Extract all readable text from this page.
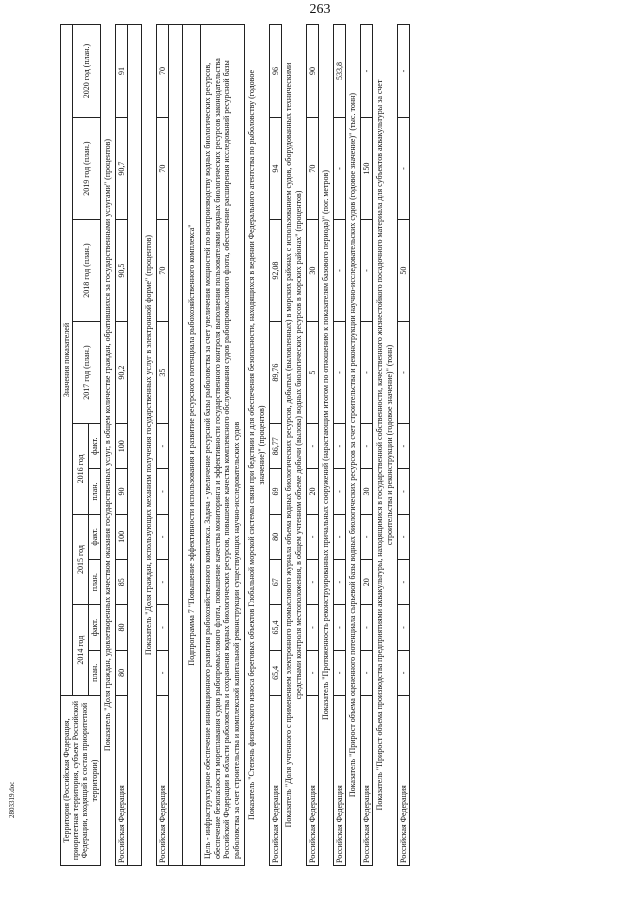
263
2803319.doc	Территория (Российская Федерация, приоритетная территория, субъект Российской Федерации, входящий в состав приоритетной территории)	Значения показателей									
	2014 год		2015 год		2016 год		2017 год (план.)	2018 год (план.)	2019 год (план.)	2020 год (план.)
	план.	факт.	план.	факт.	план.	факт.				
Показатель "Доля граждан, удовлетворенных качеством оказания государственных услуг, в общем количестве граждан, обратившихся за государственными услугами" (процентов)										
Российская Федерация	80	80	85	100	90	100	90,2	90,5	90,7	91

Показатель "Доля граждан, использующих механизм получения государственных услуг в электронной форме" (процентов)										
Российская Федерация	-	-	-	-	-	-	35	70	70	70

Подпрограмма 7 "Повышение эффективности использования и развитие ресурсного потенциала рыбохозяйственного комплекса"										
Цель - инфраструктурное обеспечение инновационного развития рыбохозяйственного комплекса. Задача - увеличение ресурсной базы рыболовства за счет увеличения мощностей по воспроизводству водных биологических ресурсов, обеспечение безопасности мореплавания судов рыбопромыслового флота, повышение качества мониторинга и эффективности государственного контроля выполнения пользователями водных биологических ресурсов законодательства Российской Федерации в области рыболовства и сохранения водных биологических ресурсов, повышение качества комплексного обслуживания судов рыбопромыслового флота, обеспечение расширения исследований ресурсной базы рыболовства за счет строительства и комплексной капитальной реконструкции существующих научно-исследовательских судов										
Показатель "Степень физического износа береговых объектов Глобальной морской системы связи при бедствии и для обеспечения безопасности, находящихся в ведении Федерального агентства по рыболовству (годовое значение)" (процентов)										
Российская Федерация	65,4	65,4	67	80	69	86,77	89,76	92,08	94	96
Показатель "Доля учтенного с применением электронного промыслового журнала объема водных биологических ресурсов, добытых (выловленных) в морских районах с использованием судов, оборудованных техническими средствами контроля местоположения, в общем учтенном объеме добычи (вылова) водных биологических ресурсов в морских районах" (процентов)										
Российская Федерация	-	-	-	-	20	-	5	30	70	90
Показатель "Протяженность реконструированных причальных сооружений (нарастающим итогом по отношению к показателям базового периода)" (пог. метров)										
Российская Федерация	-	-	-	-	-	-	-	-	-	533,8
Показатель "Прирост объема оцененного потенциала сырьевой базы водных биологических ресурсов за счет строительства и реконструкции научно-исследовательских судов (годовое значение)" (тыс. тонн)										
Российская Федерация	-	-	20	-	30	-	-	-	150	-
Показатель "Прирост объема производства предприятиями аквакультуры, находящимися в государственной собственности, качественного жизнестойкого посадочного материала для субъектов аквакультуры за счет строительства и реконструкции (годовое значение)" (тонн)										
Российская Федерация	-	-	-	-	-	-	-	50	-	-
